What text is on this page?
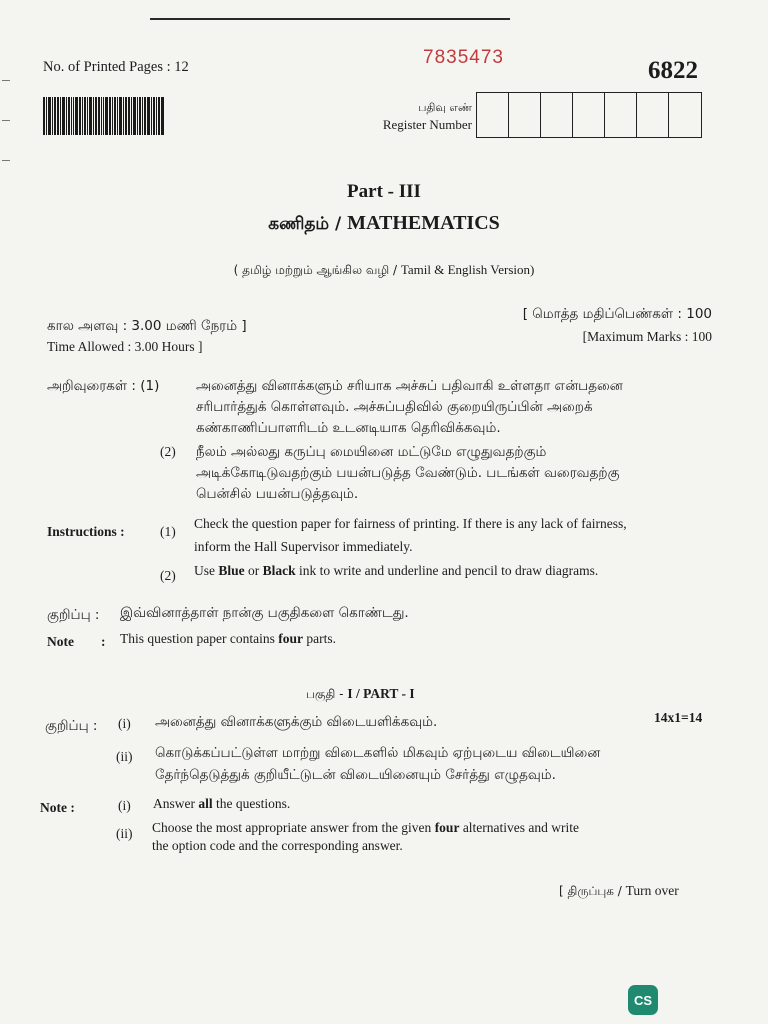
No. of Printed Pages : 12	7835473	6822
பதிவு எண்
Register Number
Part - III
கணிதம் / MATHEMATICS
( தமிழ் மற்றும் ஆங்கில வழி / Tamil & English Version)
கால அளவு : 3.00 மணி நேரம் ]
Time Allowed : 3.00 Hours ]
[ மொத்த மதிப்பெண்கள் : 100
[Maximum Marks : 100
அறிவுரைகள் : (1)	அனைத்து வினாக்களும் சரியாக அச்சுப் பதிவாகி உள்ளதா என்பதனை
சரிபார்த்துக் கொள்ளவும். அச்சுப்பதிவில் குறையிருப்பின் அறைக்
கண்காணிப்பாளரிடம் உடனடியாக தெரிவிக்கவும்.
(2) நீலம் அல்லது கருப்பு மையினை மட்டுமே எழுதுவதற்கும்
அடிக்கோடிடுவதற்கும் பயன்படுத்த வேண்டும். படங்கள் வரைவதற்கு
பென்சில் பயன்படுத்தவும்.
Instructions :	(1)
Check the question paper for fairness of printing. If there is any lack of fairness,
inform the Hall Supervisor immediately.
(2) Use Blue or Black ink to write and underline and pencil to draw diagrams.
குறிப்பு : இவ்வினாத்தாள் நான்கு பகுதிகளை கொண்டது.
Note : This question paper contains four parts.
பகுதி - I / PART - I
14x1=14
குறிப்பு : (i) அனைத்து வினாக்களுக்கும் விடையளிக்கவும்.
(ii) கொடுக்கப்பட்டுள்ள மாற்று விடைகளில் மிகவும் ஏற்புடைய விடையினை
தேர்ந்தெடுத்துக் குறியீட்டுடன் விடையினையும் சேர்த்து எழுதவும்.
Note :	(i) Answer all the questions.
(ii) Choose the most appropriate answer from the given four alternatives and write
the option code and the corresponding answer.
[ திருப்புக / Turn over
CS
